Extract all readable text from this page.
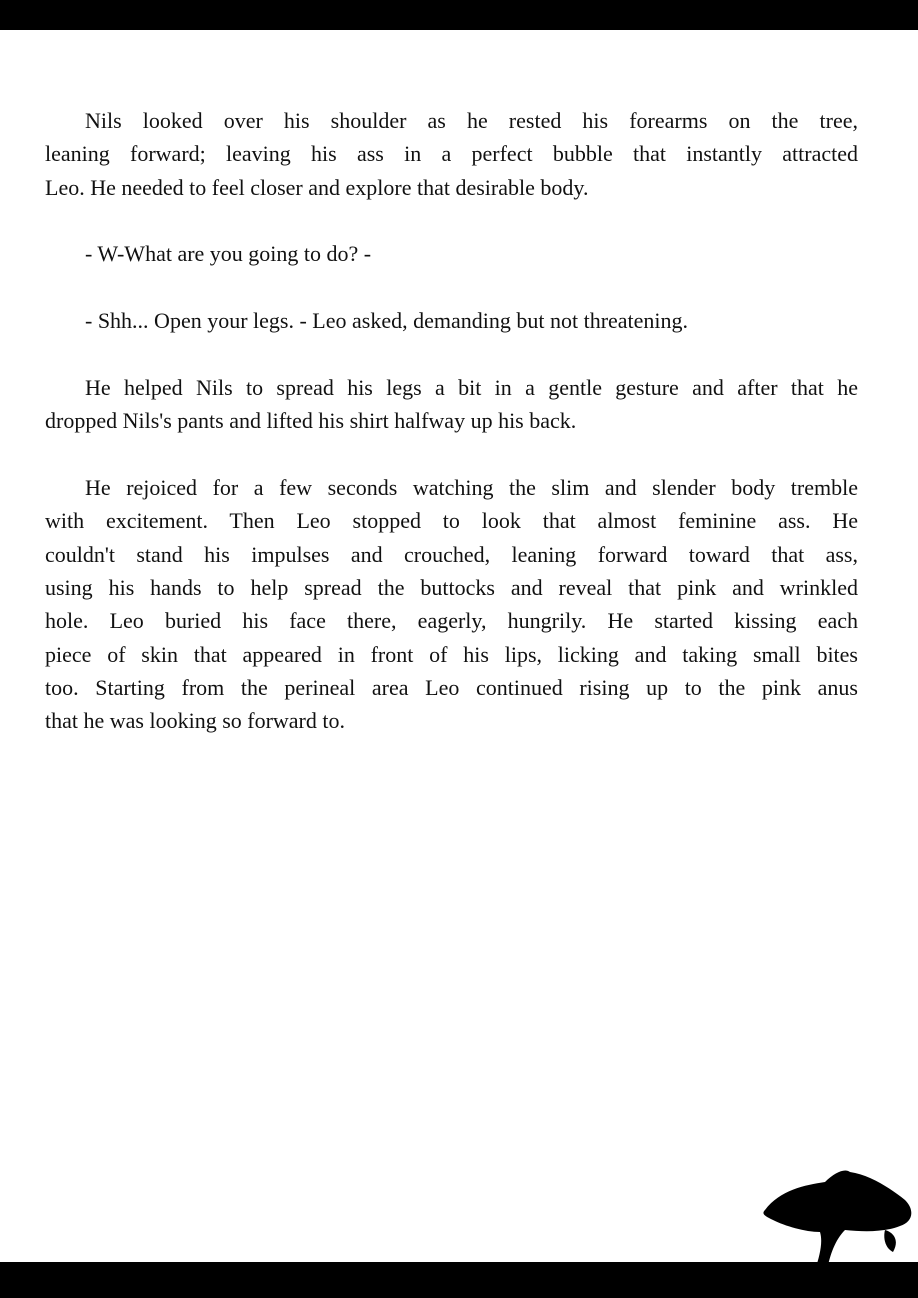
Nils looked over his shoulder as he rested his forearms on the tree,
leaning forward; leaving his ass in a perfect bubble that instantly attracted
Leo. He needed to feel closer and explore that desirable body.
- W-What are you going to do? -
- Shh... Open your legs. - Leo asked, demanding but not threatening.
He helped Nils to spread his legs a bit in a gentle gesture and after that he
dropped Nils's pants and lifted his shirt halfway up his back.
He rejoiced for a few seconds watching the slim and slender body tremble
with excitement. Then Leo stopped to look that almost feminine ass. He
couldn't stand his impulses and crouched, leaning forward toward that ass,
using his hands to help spread the buttocks and reveal that pink and wrinkled
hole. Leo buried his face there, eagerly, hungrily. He started kissing each
piece of skin that appeared in front of his lips, licking and taking small bites
too. Starting from the perineal area Leo continued rising up to the pink anus
that he was looking so forward to.
